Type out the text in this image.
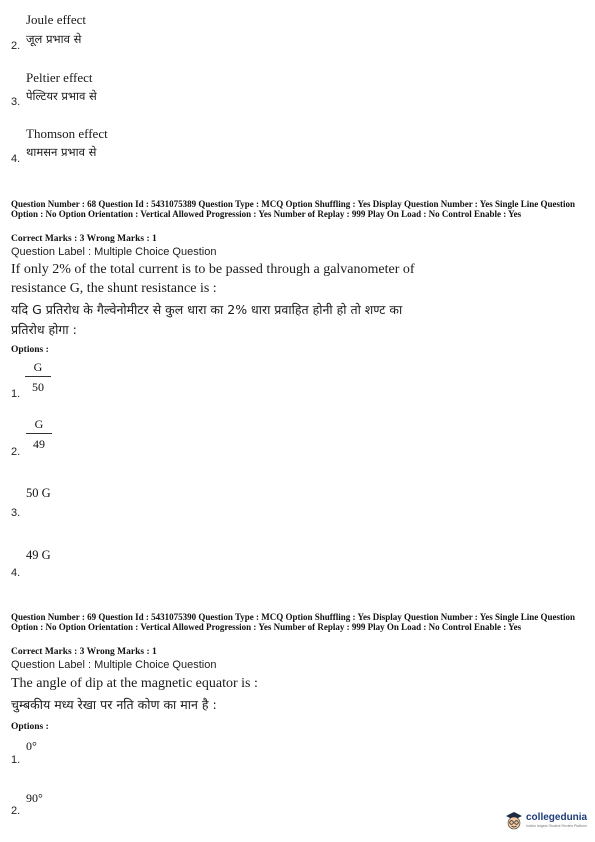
Joule effect
2. जूल प्रभाव से
Peltier effect
3. पेल्टियर प्रभाव से
Thomson effect
4. थामसन प्रभाव से
Question Number : 68 Question Id : 5431075389 Question Type : MCQ Option Shuffling : Yes Display Question Number : Yes Single Line Question Option : No Option Orientation : Vertical Allowed Progression : Yes Number of Replay : 999 Play On Load : No Control Enable : Yes
Correct Marks : 3 Wrong Marks : 1
Question Label : Multiple Choice Question
If only 2% of the total current is to be passed through a galvanometer of
resistance G, the shunt resistance is :
यदि G प्रतिरोध के गैल्वेनोमीटर से कुल धारा का 2% धारा प्रवाहित होनी हो तो शण्ट का
प्रतिरोध होगा :
Options :
G
50
1.
G
49
2.
50 G
3.
49 G
4.
Question Number : 69 Question Id : 5431075390 Question Type : MCQ Option Shuffling : Yes Display Question Number : Yes Single Line Question Option : No Option Orientation : Vertical Allowed Progression : Yes Number of Replay : 999 Play On Load : No Control Enable : Yes
Correct Marks : 3 Wrong Marks : 1
Question Label : Multiple Choice Question
The angle of dip at the magnetic equator is :
चुम्बकीय मध्य रेखा पर नति कोण का मान है :
Options :
0°
1.
90°
2.
collegedunia
India's largest Student Review Platform
